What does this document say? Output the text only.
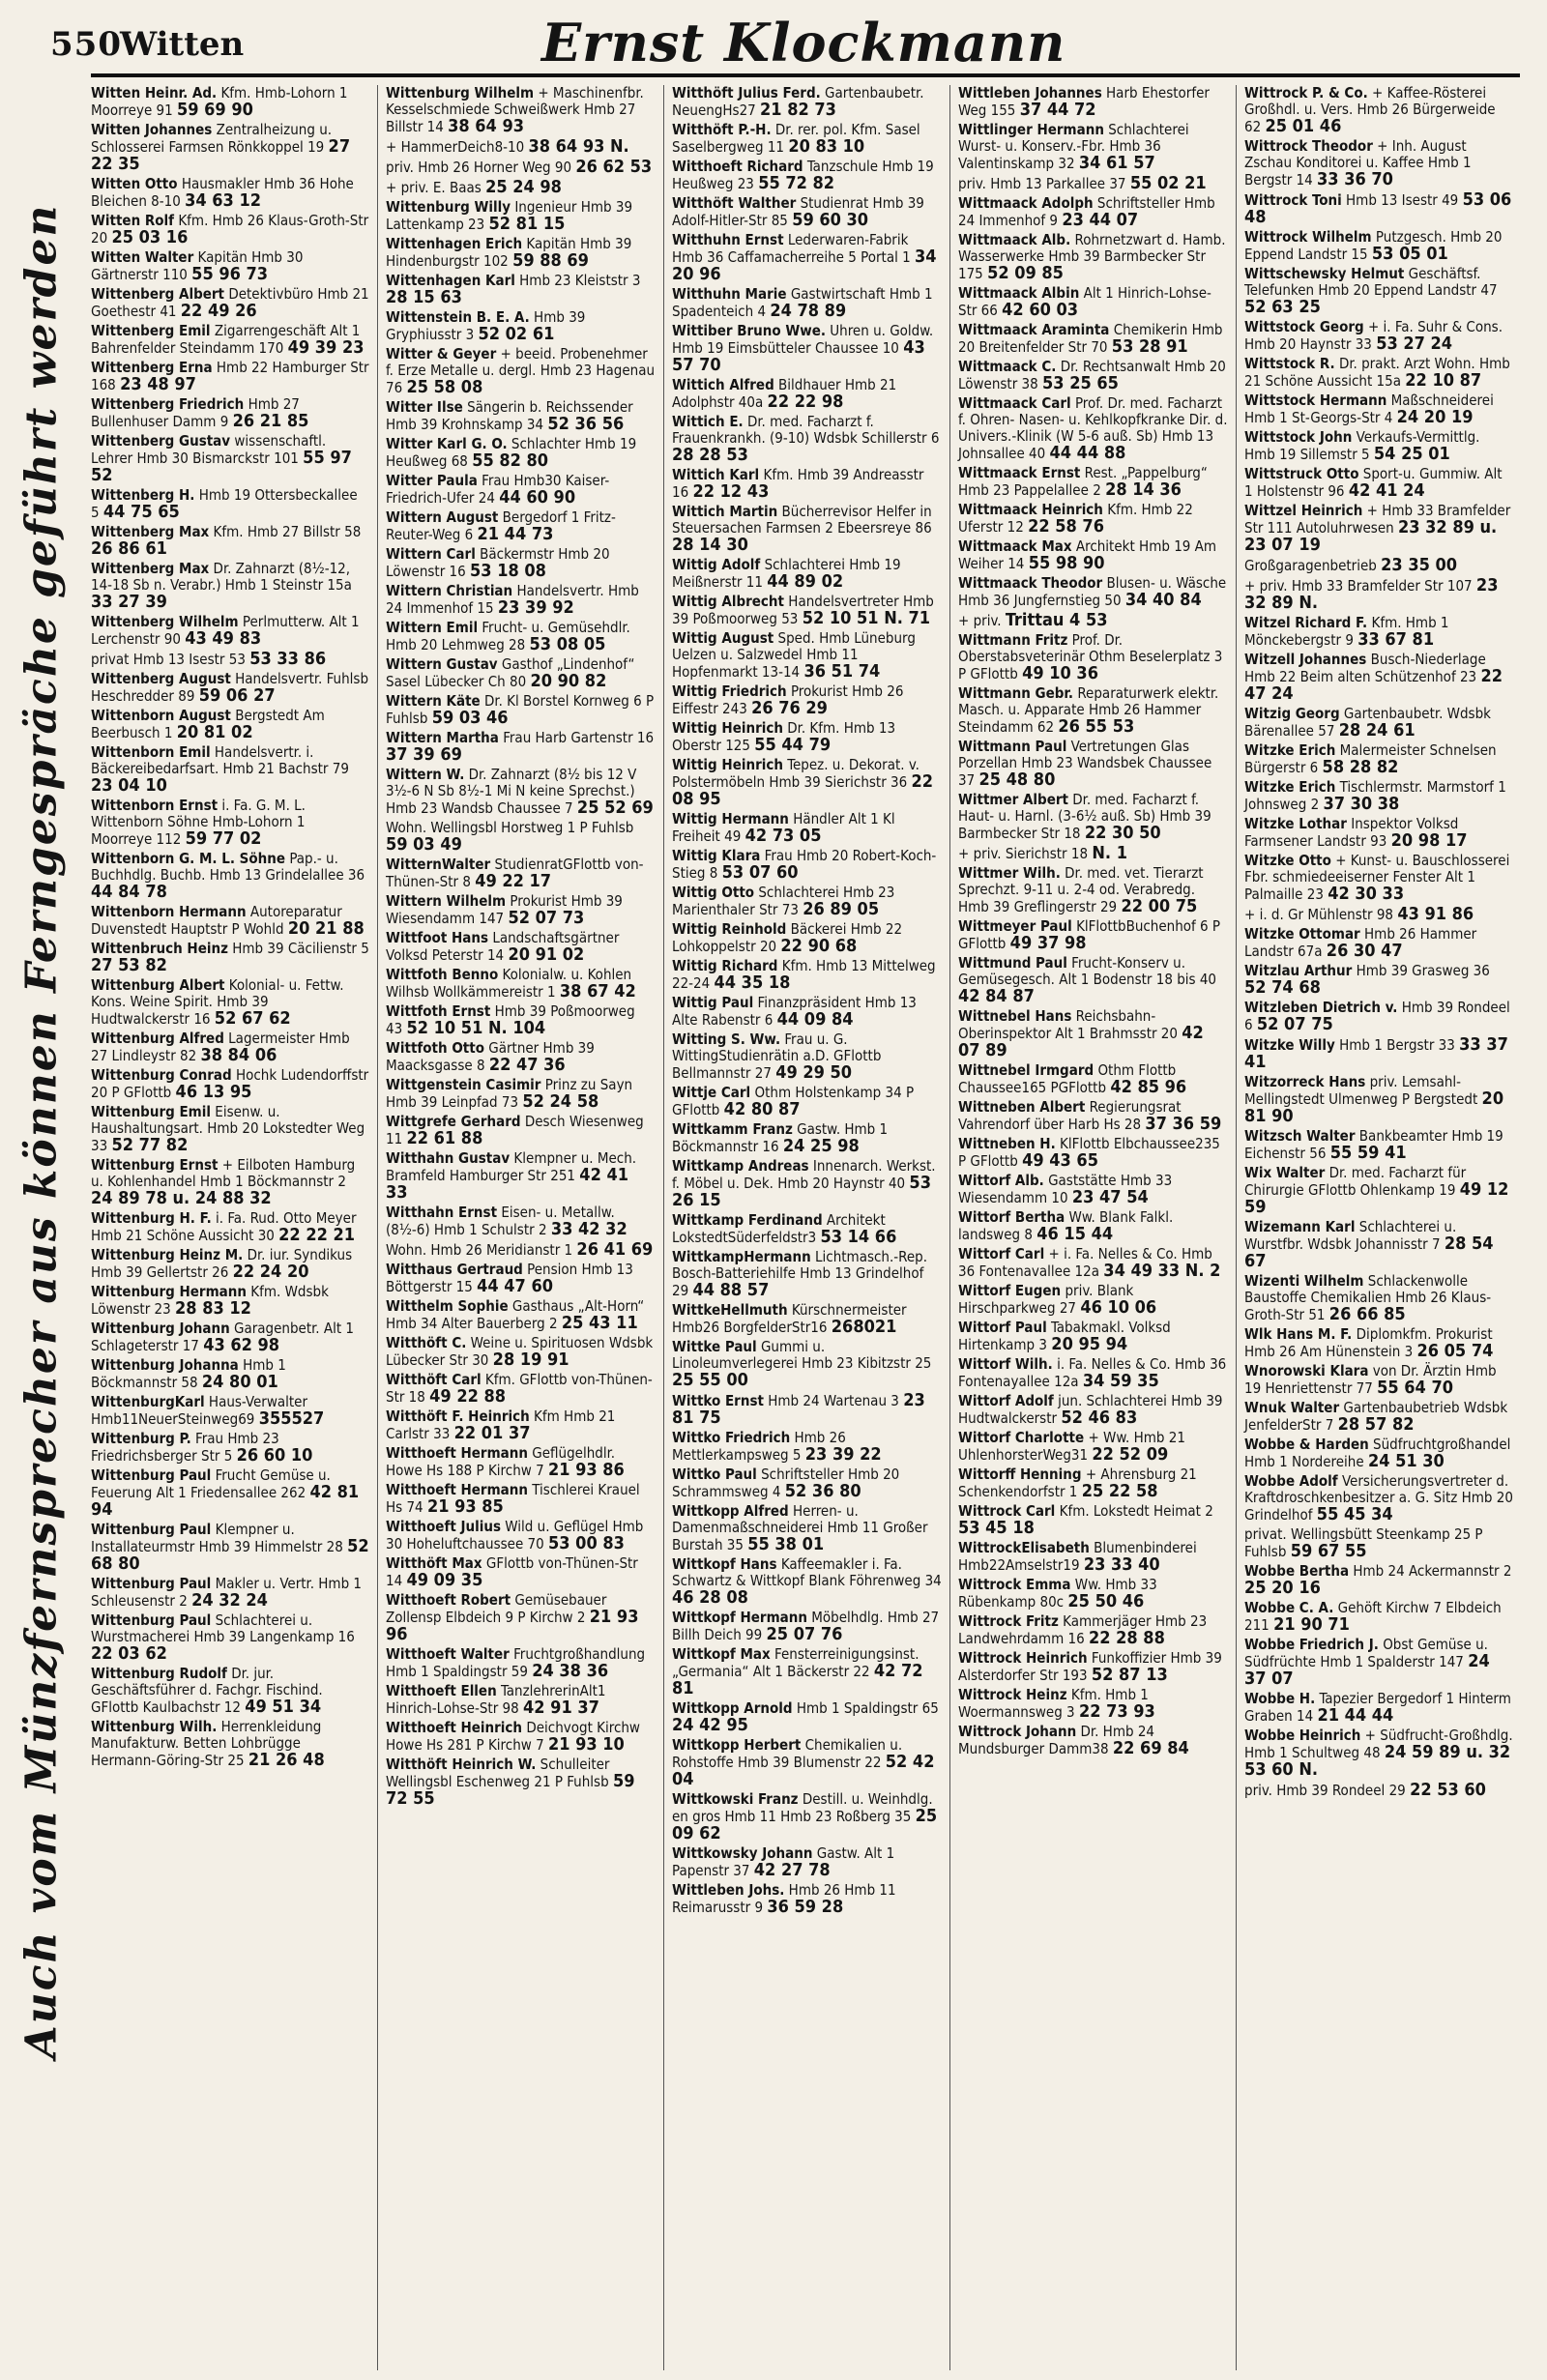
550
Witten	Ernst Klockmann
Auch vom Münzfernsprecher aus können Ferngespräche geführt werden
Witten Heinr. Ad. Kfm. Hmb-Lohorn 1 Moorreye 91 59 69 90
Witten Johannes Zentralheizung u. Schlosserei Farmsen Rönkkoppel 19 27 22 35
Witten Otto Hausmakler Hmb 36 Hohe Bleichen 8-10 34 63 12
Witten Rolf Kfm. Hmb 26 Klaus-Groth-Str 20 25 03 16
Witten Walter Kapitän Hmb 30 Gärtnerstr 110 55 96 73
Wittenberg Albert Detektivbüro Hmb 21 Goethestr 41 22 49 26
Wittenberg Emil Zigarrengeschäft Alt 1 Bahrenfelder Steindamm 170 49 39 23
Wittenberg Erna Hmb 22 Hamburger Str 168 23 48 97
Wittenberg Friedrich Hmb 27 Bullenhuser Damm 9 26 21 85
Wittenberg Gustav wissenschaftl. Lehrer Hmb 30 Bismarckstr 101 55 97 52
Wittenberg H. Hmb 19 Ottersbeckallee 5 44 75 65
Wittenberg Max Kfm. Hmb 27 Billstr 58 26 86 61
Wittenberg Max Dr. Zahnarzt (8½-12, 14-18 Sb n. Verabr.) Hmb 1 Steinstr 15a 33 27 39
Wittenberg Wilhelm Perlmutterw. Alt 1 Lerchenstr 90 43 49 83
privat Hmb 13 Isestr 53 53 33 86
Wittenberg August Handelsvertr. Fuhlsb Heschredder 89 59 06 27
Wittenborn August Bergstedt Am Beerbusch 1 20 81 02
Wittenborn Emil Handelsvertr. i. Bäckereibedarfsart. Hmb 21 Bachstr 79 23 04 10
Wittenborn Ernst i. Fa. G. M. L. Wittenborn Söhne Hmb-Lohorn 1 Moorreye 112 59 77 02
Wittenborn G. M. L. Söhne Pap.- u. Buchhdlg. Buchb. Hmb 13 Grindelallee 36 44 84 78
Wittenborn Hermann Autoreparatur Duvenstedt Hauptstr P Wohld 20 21 88
Wittenbruch Heinz Hmb 39 Cäcilienstr 5 27 53 82
Wittenburg Albert Kolonial- u. Fettw. Kons. Weine Spirit. Hmb 39 Hudtwalckerstr 16 52 67 62
Wittenburg Alfred Lagermeister Hmb 27 Lindleystr 82 38 84 06
Wittenburg Conrad Hochk Ludendorffstr 20 P GFlottb 46 13 95
Wittenburg Emil Eisenw. u. Haushaltungsart. Hmb 20 Lokstedter Weg 33 52 77 82
Wittenburg Ernst + Eilboten Hamburg u. Kohlenhandel Hmb 1 Böckmannstr 2 24 89 78 u. 24 88 32
Wittenburg H. F. i. Fa. Rud. Otto Meyer Hmb 21 Schöne Aussicht 30 22 22 21
Wittenburg Heinz M. Dr. iur. Syndikus Hmb 39 Gellertstr 26 22 24 20
Wittenburg Hermann Kfm. Wdsbk Löwenstr 23 28 83 12
Wittenburg Johann Garagenbetr. Alt 1 Schlageterstr 17 43 62 98
Wittenburg Johanna Hmb 1 Böckmannstr 58 24 80 01
WittenburgKarl Haus-Verwalter Hmb11NeuerSteinweg69 355527
Wittenburg P. Frau Hmb 23 Friedrichsberger Str 5 26 60 10
Wittenburg Paul Frucht Gemüse u. Feuerung Alt 1 Friedensallee 262 42 81 94
Wittenburg Paul Klempner u. Installateurmstr Hmb 39 Himmelstr 28 52 68 80
Wittenburg Paul Makler u. Vertr. Hmb 1 Schleusenstr 2 24 32 24
Wittenburg Paul Schlachterei u. Wurstmacherei Hmb 39 Langenkamp 16 22 03 62
Wittenburg Rudolf Dr. jur. Geschäftsführer d. Fachgr. Fischind. GFlottb Kaulbachstr 12 49 51 34
Wittenburg Wilh. Herrenkleidung Manufakturw. Betten Lohbrügge Hermann-Göring-Str 25 21 26 48
Wittenburg Wilhelm + Maschinenfbr. Kesselschmiede Schweißwerk Hmb 27 Billstr 14 38 64 93
+ HammerDeich8-10 38 64 93 N.
priv. Hmb 26 Horner Weg 90 26 62 53
+ priv. E. Baas 25 24 98
Wittenburg Willy Ingenieur Hmb 39 Lattenkamp 23 52 81 15
Wittenhagen Erich Kapitän Hmb 39 Hindenburgstr 102 59 88 69
Wittenhagen Karl Hmb 23 Kleiststr 3 28 15 63
Wittenstein B. E. A. Hmb 39 Gryphiusstr 3 52 02 61
Witter & Geyer + beeid. Probenehmer f. Erze Metalle u. dergl. Hmb 23 Hagenau 76 25 58 08
Witter Ilse Sängerin b. Reichssender Hmb 39 Krohnskamp 34 52 36 56
Witter Karl G. O. Schlachter Hmb 19 Heußweg 68 55 82 80
Witter Paula Frau Hmb30 Kaiser-Friedrich-Ufer 24 44 60 90
Wittern August Bergedorf 1 Fritz-Reuter-Weg 6 21 44 73
Wittern Carl Bäckermstr Hmb 20 Löwenstr 16 53 18 08
Wittern Christian Handelsvertr. Hmb 24 Immenhof 15 23 39 92
Wittern Emil Frucht- u. Gemüsehdlr. Hmb 20 Lehmweg 28 53 08 05
Wittern Gustav Gasthof „Lindenhof“ Sasel Lübecker Ch 80 20 90 82
Wittern Käte Dr. Kl Borstel Kornweg 6 P Fuhlsb 59 03 46
Wittern Martha Frau Harb Gartenstr 16 37 39 69
Wittern W. Dr. Zahnarzt (8½ bis 12 V 3½-6 N Sb 8½-1 Mi N keine Sprechst.) Hmb 23 Wandsb Chaussee 7 25 52 69
Wohn. Wellingsbl Horstweg 1 P Fuhlsb 59 03 49
WitternWalter StudienratGFlottb von-Thünen-Str 8 49 22 17
Wittern Wilhelm Prokurist Hmb 39 Wiesendamm 147 52 07 73
Wittfoot Hans Landschaftsgärtner Volksd Peterstr 14 20 91 02
Wittfoth Benno Kolonialw. u. Kohlen Wilhsb Wollkämmereistr 1 38 67 42
Wittfoth Ernst Hmb 39 Poßmoorweg 43 52 10 51 N. 104
Wittfoth Otto Gärtner Hmb 39 Maacksgasse 8 22 47 36
Wittgenstein Casimir Prinz zu Sayn Hmb 39 Leinpfad 73 52 24 58
Wittgrefe Gerhard Desch Wiesenweg 11 22 61 88
Witthahn Gustav Klempner u. Mech. Bramfeld Hamburger Str 251 42 41 33
Witthahn Ernst Eisen- u. Metallw. (8½-6) Hmb 1 Schulstr 2 33 42 32
Wohn. Hmb 26 Meridianstr 1 26 41 69
Witthaus Gertraud Pension Hmb 13 Böttgerstr 15 44 47 60
Witthelm Sophie Gasthaus „Alt-Horn“ Hmb 34 Alter Bauerberg 2 25 43 11
Witthöft C. Weine u. Spirituosen Wdsbk Lübecker Str 30 28 19 91
Witthöft Carl Kfm. GFlottb von-Thünen-Str 18 49 22 88
Witthöft F. Heinrich Kfm Hmb 21 Carlstr 33 22 01 37
Witthoeft Hermann Geflügelhdlr. Howe Hs 188 P Kirchw 7 21 93 86
Witthoeft Hermann Tischlerei Krauel Hs 74 21 93 85
Witthoeft Julius Wild u. Geflügel Hmb 30 Hoheluftchaussee 70 53 00 83
Witthöft Max GFlottb von-Thünen-Str 14 49 09 35
Witthoeft Robert Gemüsebauer Zollensp Elbdeich 9 P Kirchw 2 21 93 96
Witthoeft Walter Fruchtgroßhandlung Hmb 1 Spaldingstr 59 24 38 36
Witthoeft Ellen TanzlehrerinAlt1 Hinrich-Lohse-Str 98 42 91 37
Witthoeft Heinrich Deichvogt Kirchw Howe Hs 281 P Kirchw 7 21 93 10
Witthöft Heinrich W. Schulleiter Wellingsbl Eschenweg 21 P Fuhlsb 59 72 55
Witthöft Julius Ferd. Gartenbaubetr. NeuengHs27 21 82 73
Witthöft P.-H. Dr. rer. pol. Kfm. Sasel Saselbergweg 11 20 83 10
Witthoeft Richard Tanzschule Hmb 19 Heußweg 23 55 72 82
Witthöft Walther Studienrat Hmb 39 Adolf-Hitler-Str 85 59 60 30
Witthuhn Ernst Lederwaren-Fabrik Hmb 36 Caffamacherreihe 5 Portal 1 34 20 96
Witthuhn Marie Gastwirtschaft Hmb 1 Spadenteich 4 24 78 89
Wittiber Bruno Wwe. Uhren u. Goldw. Hmb 19 Eimsbütteler Chaussee 10 43 57 70
Wittich Alfred Bildhauer Hmb 21 Adolphstr 40a 22 22 98
Wittich E. Dr. med. Facharzt f. Frauenkrankh. (9-10) Wdsbk Schillerstr 6 28 28 53
Wittich Karl Kfm. Hmb 39 Andreasstr 16 22 12 43
Wittich Martin Bücherrevisor Helfer in Steuersachen Farmsen 2 Ebeersreye 86 28 14 30
Wittig Adolf Schlachterei Hmb 19 Meißnerstr 11 44 89 02
Wittig Albrecht Handelsvertreter Hmb 39 Poßmoorweg 53 52 10 51 N. 71
Wittig August Sped. Hmb Lüneburg Uelzen u. Salzwedel Hmb 11 Hopfenmarkt 13-14 36 51 74
Wittig Friedrich Prokurist Hmb 26 Eiffestr 243 26 76 29
Wittig Heinrich Dr. Kfm. Hmb 13 Oberstr 125 55 44 79
Wittig Heinrich Tepez. u. Dekorat. v. Polstermöbeln Hmb 39 Sierichstr 36 22 08 95
Wittig Hermann Händler Alt 1 Kl Freiheit 49 42 73 05
Wittig Klara Frau Hmb 20 Robert-Koch-Stieg 8 53 07 60
Wittig Otto Schlachterei Hmb 23 Marienthaler Str 73 26 89 05
Wittig Reinhold Bäckerei Hmb 22 Lohkoppelstr 20 22 90 68
Wittig Richard Kfm. Hmb 13 Mittelweg 22-24 44 35 18
Wittig Paul Finanzpräsident Hmb 13 Alte Rabenstr 6 44 09 84
Witting S. Ww. Frau u. G. WittingStudienrätin a.D. GFlottb Bellmannstr 27 49 29 50
Wittje Carl Othm Holstenkamp 34 P GFlottb 42 80 87
Wittkamm Franz Gastw. Hmb 1 Böckmannstr 16 24 25 98
Wittkamp Andreas Innenarch. Werkst. f. Möbel u. Dek. Hmb 20 Haynstr 40 53 26 15
Wittkamp Ferdinand Architekt LokstedtSüderfeldstr3 53 14 66
WittkampHermann Lichtmasch.-Rep. Bosch-Batteriehilfe Hmb 13 Grindelhof 29 44 88 57
WittkeHellmuth Kürschnermeister Hmb26 BorgfelderStr16 268021
Wittke Paul Gummi u. Linoleumverlegerei Hmb 23 Kibitzstr 25 25 55 00
Wittko Ernst Hmb 24 Wartenau 3 23 81 75
Wittko Friedrich Hmb 26 Mettlerkampsweg 5 23 39 22
Wittko Paul Schriftsteller Hmb 20 Schrammsweg 4 52 36 80
Wittkopp Alfred Herren- u. Damenmaßschneiderei Hmb 11 Großer Burstah 35 55 38 01
Wittkopf Hans Kaffeemakler i. Fa. Schwartz & Wittkopf Blank Föhrenweg 34 46 28 08
Wittkopf Hermann Möbelhdlg. Hmb 27 Billh Deich 99 25 07 76
Wittkopf Max Fensterreinigungsinst. „Germania“ Alt 1 Bäckerstr 22 42 72 81
Wittkopp Arnold Hmb 1 Spaldingstr 65 24 42 95
Wittkopp Herbert Chemikalien u. Rohstoffe Hmb 39 Blumenstr 22 52 42 04
Wittkowski Franz Destill. u. Weinhdlg. en gros Hmb 11 Hmb 23 Roßberg 35 25 09 62
Wittkowsky Johann Gastw. Alt 1 Papenstr 37 42 27 78
Wittleben Johs. Hmb 26 Hmb 11 Reimarusstr 9 36 59 28
Wittleben Johannes Harb Ehestorfer Weg 155 37 44 72
Wittlinger Hermann Schlachterei Wurst- u. Konserv.-Fbr. Hmb 36 Valentinskamp 32 34 61 57
priv. Hmb 13 Parkallee 37 55 02 21
Wittmaack Adolph Schriftsteller Hmb 24 Immenhof 9 23 44 07
Wittmaack Alb. Rohrnetzwart d. Hamb. Wasserwerke Hmb 39 Barmbecker Str 175 52 09 85
Wittmaack Albin Alt 1 Hinrich-Lohse-Str 66 42 60 03
Wittmaack Araminta Chemikerin Hmb 20 Breitenfelder Str 70 53 28 91
Wittmaack C. Dr. Rechtsanwalt Hmb 20 Löwenstr 38 53 25 65
Wittmaack Carl Prof. Dr. med. Facharzt f. Ohren- Nasen- u. Kehlkopfkranke Dir. d. Univers.-Klinik (W 5-6 auß. Sb) Hmb 13 Johnsallee 40 44 44 88
Wittmaack Ernst Rest. „Pappelburg“ Hmb 23 Pappelallee 2 28 14 36
Wittmaack Heinrich Kfm. Hmb 22 Uferstr 12 22 58 76
Wittmaack Max Architekt Hmb 19 Am Weiher 14 55 98 90
Wittmaack Theodor Blusen- u. Wäsche Hmb 36 Jungfernstieg 50 34 40 84
+ priv. Trittau 4 53
Wittmann Fritz Prof. Dr. Oberstabsveterinär Othm Beselerplatz 3 P GFlottb 49 10 36
Wittmann Gebr. Reparaturwerk elektr. Masch. u. Apparate Hmb 26 Hammer Steindamm 62 26 55 53
Wittmann Paul Vertretungen Glas Porzellan Hmb 23 Wandsbek Chaussee 37 25 48 80
Wittmer Albert Dr. med. Facharzt f. Haut- u. Harnl. (3-6½ auß. Sb) Hmb 39 Barmbecker Str 18 22 30 50
+ priv. Sierichstr 18 N. 1
Wittmer Wilh. Dr. med. vet. Tierarzt Sprechzt. 9-11 u. 2-4 od. Verabredg. Hmb 39 Greflingerstr 29 22 00 75
Wittmeyer Paul KlFlottbBuchenhof 6 P GFlottb 49 37 98
Wittmund Paul Frucht-Konserv u. Gemüsegesch. Alt 1 Bodenstr 18 bis 40 42 84 87
Wittnebel Hans Reichsbahn-Oberinspektor Alt 1 Brahmsstr 20 42 07 89
Wittnebel Irmgard Othm Flottb Chaussee165 PGFlottb 42 85 96
Wittneben Albert Regierungsrat Vahrendorf über Harb Hs 28 37 36 59
Wittneben H. KlFlottb Elbchaussee235 P GFlottb 49 43 65
Wittorf Alb. Gaststätte Hmb 33 Wiesendamm 10 23 47 54
Wittorf Bertha Ww. Blank Falkl. landsweg 8 46 15 44
Wittorf Carl + i. Fa. Nelles & Co. Hmb 36 Fontenavallee 12a 34 49 33 N. 2
Wittorf Eugen priv. Blank Hirschparkweg 27 46 10 06
Wittorf Paul Tabakmakl. Volksd Hirtenkamp 3 20 95 94
Wittorf Wilh. i. Fa. Nelles & Co. Hmb 36 Fontenayallee 12a 34 59 35
Wittorf Adolf jun. Schlachterei Hmb 39 Hudtwalckerstr 52 46 83
Wittorf Charlotte + Ww. Hmb 21 UhlenhorsterWeg31 22 52 09
Wittorff Henning + Ahrensburg 21 Schenkendorfstr 1 25 22 58
Wittrock Carl Kfm. Lokstedt Heimat 2 53 45 18
WittrockElisabeth Blumenbinderei Hmb22Amselstr19 23 33 40
Wittrock Emma Ww. Hmb 33 Rübenkamp 80c 25 50 46
Wittrock Fritz Kammerjäger Hmb 23 Landwehrdamm 16 22 28 88
Wittrock Heinrich Funkoffizier Hmb 39 Alsterdorfer Str 193 52 87 13
Wittrock Heinz Kfm. Hmb 1 Woermannsweg 3 22 73 93
Wittrock Johann Dr. Hmb 24 Mundsburger Damm38 22 69 84
Wittrock P. & Co. + Kaffee-Rösterei Großhdl. u. Vers. Hmb 26 Bürgerweide 62 25 01 46
Wittrock Theodor + Inh. August Zschau Konditorei u. Kaffee Hmb 1 Bergstr 14 33 36 70
Wittrock Toni Hmb 13 Isestr 49 53 06 48
Wittrock Wilhelm Putzgesch. Hmb 20 Eppend Landstr 15 53 05 01
Wittschewsky Helmut Geschäftsf. Telefunken Hmb 20 Eppend Landstr 47 52 63 25
Wittstock Georg + i. Fa. Suhr & Cons. Hmb 20 Haynstr 33 53 27 24
Wittstock R. Dr. prakt. Arzt Wohn. Hmb 21 Schöne Aussicht 15a 22 10 87
Wittstock Hermann Maßschneiderei Hmb 1 St-Georgs-Str 4 24 20 19
Wittstock John Verkaufs-Vermittlg. Hmb 19 Sillemstr 5 54 25 01
Wittstruck Otto Sport-u. Gummiw. Alt 1 Holstenstr 96 42 41 24
Wittzel Heinrich + Hmb 33 Bramfelder Str 111 Autoluhrwesen 23 32 89 u. 23 07 19
Großgaragenbetrieb 23 35 00
+ priv. Hmb 33 Bramfelder Str 107 23 32 89 N.
Witzel Richard F. Kfm. Hmb 1 Mönckebergstr 9 33 67 81
Witzell Johannes Busch-Niederlage Hmb 22 Beim alten Schützenhof 23 22 47 24
Witzig Georg Gartenbaubetr. Wdsbk Bärenallee 57 28 24 61
Witzke Erich Malermeister Schnelsen Bürgerstr 6 58 28 82
Witzke Erich Tischlermstr. Marmstorf 1 Johnsweg 2 37 30 38
Witzke Lothar Inspektor Volksd Farmsener Landstr 93 20 98 17
Witzke Otto + Kunst- u. Bauschlosserei Fbr. schmiedeeiserner Fenster Alt 1 Palmaille 23 42 30 33
+ i. d. Gr Mühlenstr 98 43 91 86
Witzke Ottomar Hmb 26 Hammer Landstr 67a 26 30 47
Witzlau Arthur Hmb 39 Grasweg 36 52 74 68
Witzleben Dietrich v. Hmb 39 Rondeel 6 52 07 75
Witzke Willy Hmb 1 Bergstr 33 33 37 41
Witzorreck Hans priv. Lemsahl-Mellingstedt Ulmenweg P Bergstedt 20 81 90
Witzsch Walter Bankbeamter Hmb 19 Eichenstr 56 55 59 41
Wix Walter Dr. med. Facharzt für Chirurgie GFlottb Ohlenkamp 19 49 12 59
Wizemann Karl Schlachterei u. Wurstfbr. Wdsbk Johannisstr 7 28 54 67
Wizenti Wilhelm Schlackenwolle Baustoffe Chemikalien Hmb 26 Klaus-Groth-Str 51 26 66 85
Wlk Hans M. F. Diplomkfm. Prokurist Hmb 26 Am Hünenstein 3 26 05 74
Wnorowski Klara von Dr. Ärztin Hmb 19 Henriettenstr 77 55 64 70
Wnuk Walter Gartenbaubetrieb Wdsbk JenfelderStr 7 28 57 82
Wobbe & Harden Südfruchtgroßhandel Hmb 1 Nordereihe 24 51 30
Wobbe Adolf Versicherungsvertreter d. Kraftdroschkenbesitzer a. G. Sitz Hmb 20 Grindelhof 55 45 34
privat. Wellingsbütt Steenkamp 25 P Fuhlsb 59 67 55
Wobbe Bertha Hmb 24 Ackermannstr 2 25 20 16
Wobbe C. A. Gehöft Kirchw 7 Elbdeich 211 21 90 71
Wobbe Friedrich J. Obst Gemüse u. Südfrüchte Hmb 1 Spalderstr 147 24 37 07
Wobbe H. Tapezier Bergedorf 1 Hinterm Graben 14 21 44 44
Wobbe Heinrich + Südfrucht-Großhdlg. Hmb 1 Schultweg 48 24 59 89 u. 32 53 60 N.
priv. Hmb 39 Rondeel 29 22 53 60
